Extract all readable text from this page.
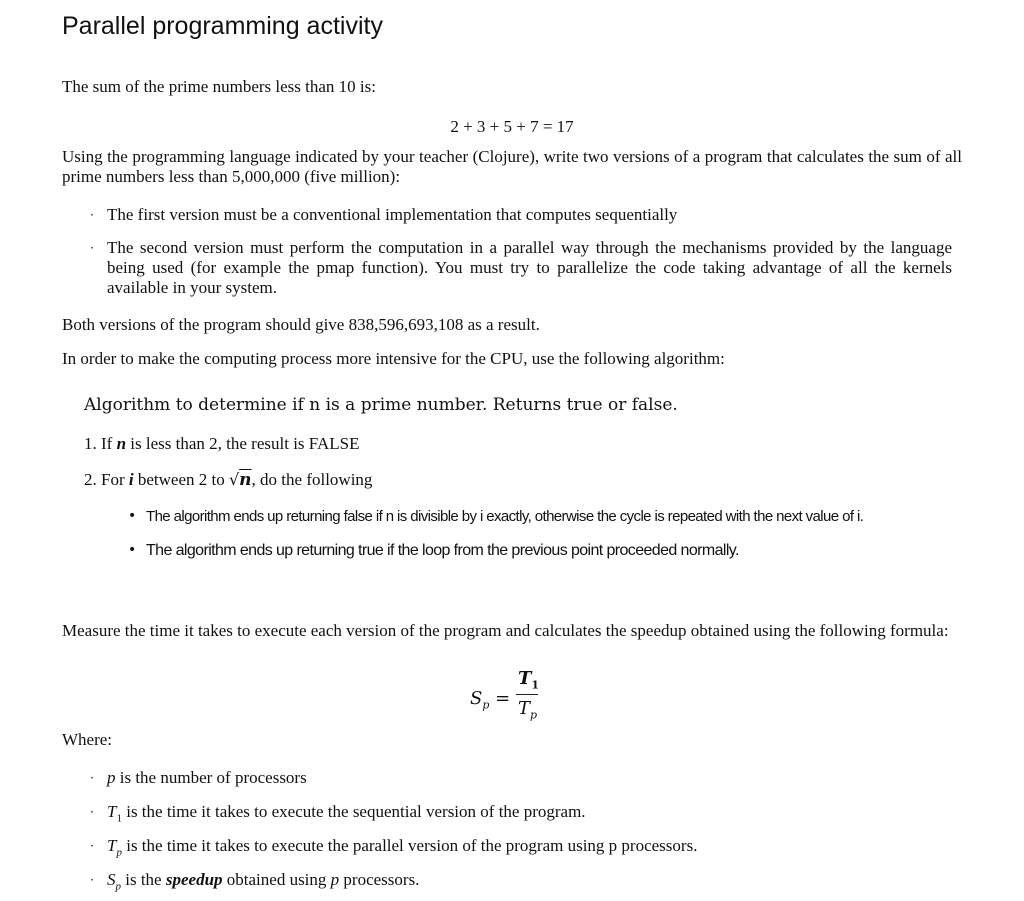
Parallel programming activity
The sum of the prime numbers less than 10 is:
2 + 3 + 5 + 7 = 17
Using the programming language indicated by your teacher (Clojure), write two versions of a program that calculates the sum of all prime numbers less than 5,000,000 (five million):
· The first version must be a conventional implementation that computes sequentially
· The second version must perform the computation in a parallel way through the mechanisms provided by the language being used (for example the pmap function). You must try to parallelize the code taking advantage of all the kernels available in your system.
Both versions of the program should give 838,596,693,108 as a result.
In order to make the computing process more intensive for the CPU, use the following algorithm:
Algorithm to determine if n is a prime number. Returns true or false.
1. If n is less than 2, the result is FALSE
2. For i between 2 to √n, do the following
• The algorithm ends up returning false if n is divisible by i exactly, otherwise the cycle is repeated with the next value of i.
• The algorithm ends up returning true if the loop from the previous point proceeded normally.
Measure the time it takes to execute each version of the program and calculates the speedup obtained using the following formula:
$S_p$ =
$T_1$
$T_p$
Where:
· p is the number of processors
· $T_1$ is the time it takes to execute the sequential version of the program.
· $T_p$ is the time it takes to execute the parallel version of the program using p processors.
· $S_p$ is the speedup obtained using p processors.
